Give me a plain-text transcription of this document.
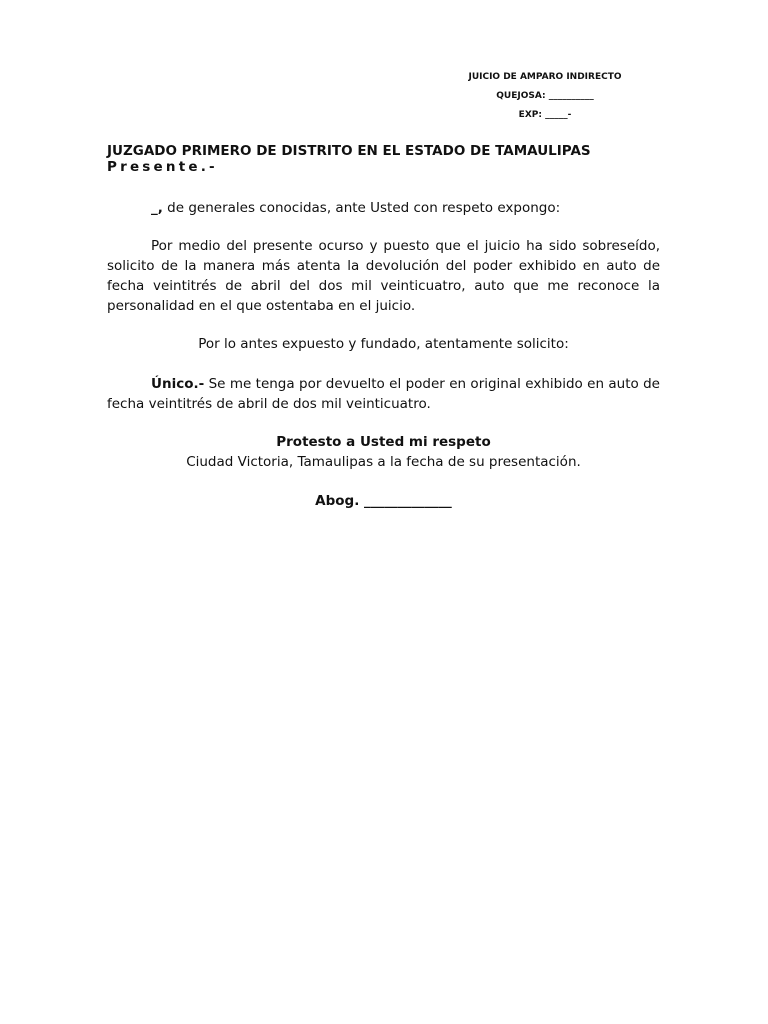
JUICIO DE AMPARO INDIRECTO
QUEJOSA: __________
EXP: _____-
JUZGADO PRIMERO DE DISTRITO EN EL ESTADO DE TAMAULIPAS
Presente.-
_, de generales conocidas, ante Usted con respeto expongo:
Por medio del presente ocurso y puesto que el juicio ha sido sobreseído, solicito de la manera más atenta la devolución del poder exhibido en auto de fecha veintitrés de abril del dos mil veinticuatro, auto que me reconoce la personalidad en el que ostentaba en el juicio.
Por lo antes expuesto y fundado, atentamente solicito:
Único.- Se me tenga por devuelto el poder en original exhibido en auto de fecha veintitrés de abril de dos mil veinticuatro.
Protesto a Usted mi respeto
Ciudad Victoria, Tamaulipas a la fecha de su presentación.
Abog. _____________
